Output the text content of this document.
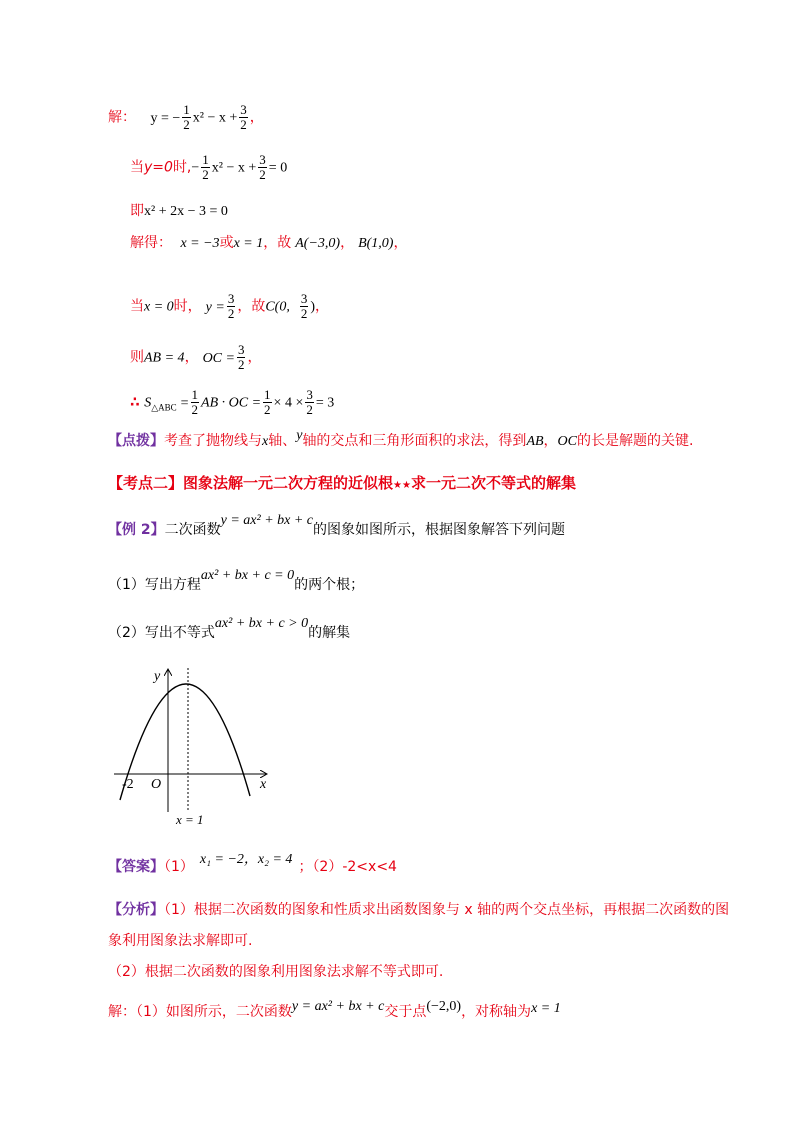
解： y = − $\frac{1}{2} x^2 - x + \frac{3}{2}$ ，
当y=0时,− $\frac{1}{2} x^2 - x + \frac{3}{2} = 0$
即x² + 2x − 3 = 0
解得： x = −3或x = 1，故 A(−3,0)， B(1,0)，
当x = 0时， $y = \frac{3}{2}$ ，故C(0, $\frac{3}{2}$ )，
则AB = 4， OC = $\frac{3}{2}$ ，
∴ $S_{\triangle ABC} = \frac{1}{2}$ AB · OC = $\frac{1}{2} \times 4 \times \frac{3}{2} = 3$
【点拨】考查了抛物线与x轴、y轴的交点和三角形面积的求法，得到AB，OC的长是解题的关键.
【考点二】图象法解一元二次方程的近似根★★求一元二次不等式的解集
【例 2】二次函数y = ax² + bx + c的图象如图所示，根据图象解答下列问题
（1）写出方程ax² + bx + c = 0的两个根；
（2）写出不等式ax² + bx + c > 0的解集
y
x
O
-2
x = 1
【答案】（1） x₁ = −2，x₂ = 4 ；（2）-2<x<4
【分析】（1）根据二次函数的图象和性质求出函数图象与 x 轴的两个交点坐标，再根据二次函数的图
象利用图象法求解即可.
（2）根据二次函数的图象利用图象法求解不等式即可.
解：（1）如图所示，二次函数y = ax² + bx + c交于点(−2,0)，对称轴为x = 1
